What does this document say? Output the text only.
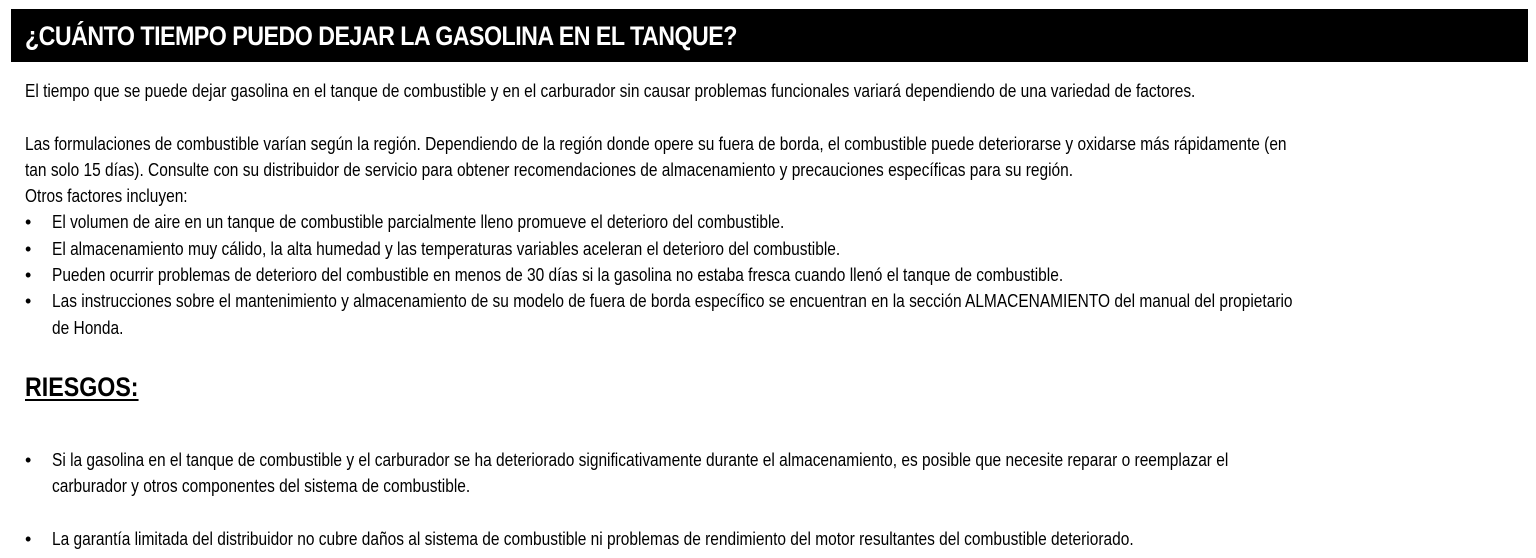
¿CUÁNTO TIEMPO PUEDO DEJAR LA GASOLINA EN EL TANQUE?
El tiempo que se puede dejar gasolina en el tanque de combustible y en el carburador sin causar problemas funcionales variará dependiendo de una variedad de factores.
Las formulaciones de combustible varían según la región. Dependiendo de la región donde opere su fuera de borda, el combustible puede deteriorarse y oxidarse más rápidamente (en
tan solo 15 días). Consulte con su distribuidor de servicio para obtener recomendaciones de almacenamiento y precauciones específicas para su región.
Otros factores incluyen:
• El volumen de aire en un tanque de combustible parcialmente lleno promueve el deterioro del combustible.
• El almacenamiento muy cálido, la alta humedad y las temperaturas variables aceleran el deterioro del combustible.
• Pueden ocurrir problemas de deterioro del combustible en menos de 30 días si la gasolina no estaba fresca cuando llenó el tanque de combustible.
• Las instrucciones sobre el mantenimiento y almacenamiento de su modelo de fuera de borda específico se encuentran en la sección ALMACENAMIENTO del manual del propietario
de Honda.
RIESGOS:
• Si la gasolina en el tanque de combustible y el carburador se ha deteriorado significativamente durante el almacenamiento, es posible que necesite reparar o reemplazar el
carburador y otros componentes del sistema de combustible.
• La garantía limitada del distribuidor no cubre daños al sistema de combustible ni problemas de rendimiento del motor resultantes del combustible deteriorado.
